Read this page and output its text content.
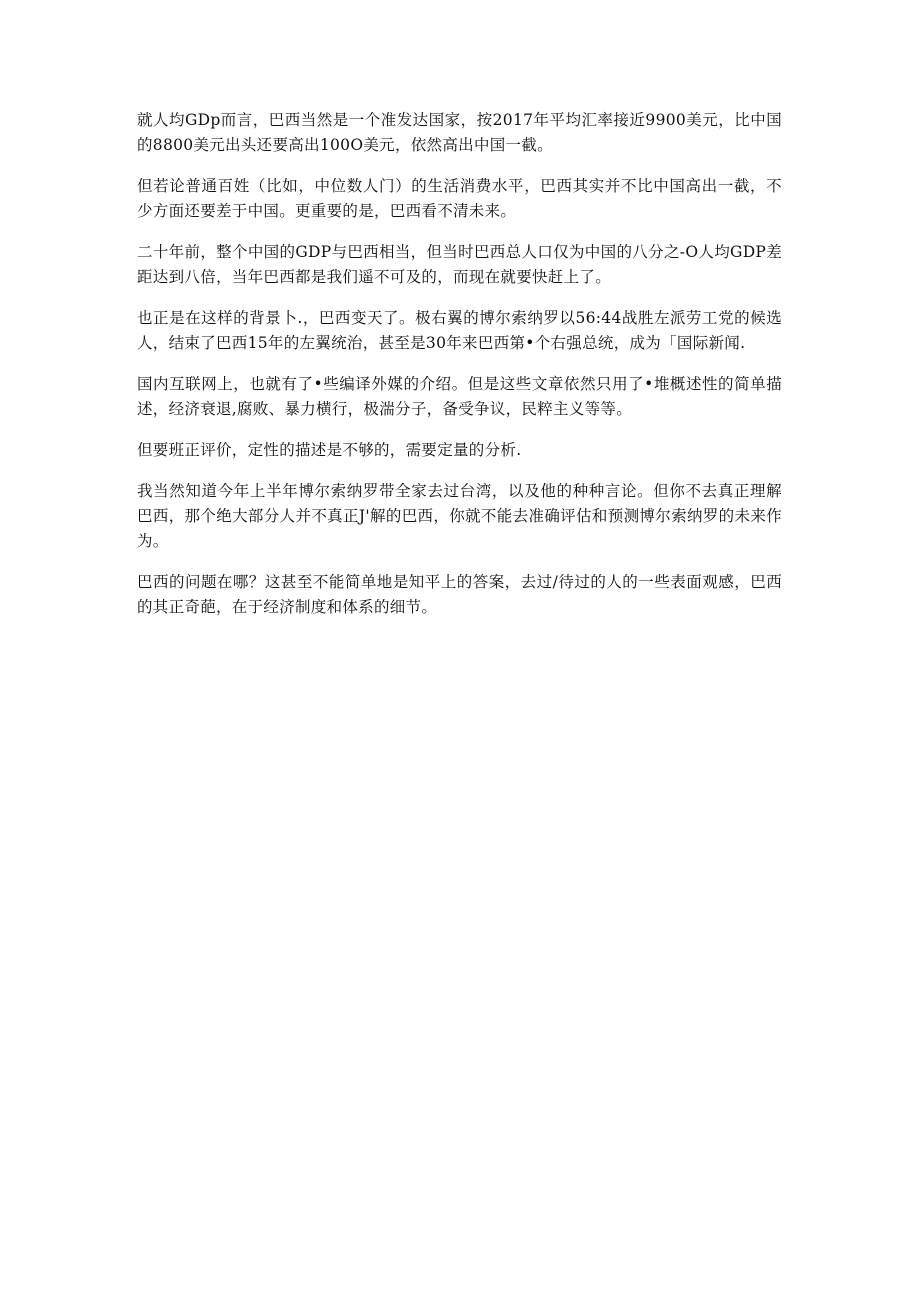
就人均GDp而言，巴西当然是一个准发达国家，按2017年平均汇率接近9900美元，比中国的8800美元出头还要高出100O美元，依然高出中国一截。

但若论普通百姓（比如，中位数人门）的生活消费水平，巴西其实并不比中国高出一截，不少方面还要差于中国。更重要的是，巴西看不清未来。

二十年前，整个中国的GDP与巴西相当，但当时巴西总人口仅为中国的八分之-O人均GDP差距达到八倍，当年巴西都是我们遥不可及的，而现在就要快赶上了。

也正是在这样的背景卜.，巴西变天了。极右翼的博尔索纳罗以56:44战胜左派劳工党的候选人，结束了巴西15年的左翼统治，甚至是30年来巴西第•个右强总统，成为「国际新闻.

国内互联网上，也就有了•些编译外媒的介绍。但是这些文章依然只用了•堆概述性的简单描述，经济衰退,腐败、暴力横行，极湍分子，备受争议，民粹主义等等。

但要班正评价，定性的描述是不够的，需要定量的分析.

我当然知道今年上半年博尔索纳罗带全家去过台湾，以及他的种种言论。但你不去真正理解巴西，那个绝大部分人并不真正J'解的巴西，你就不能去准确评估和预测博尔索纳罗的未来作为。

巴西的问题在哪？这甚至不能简单地是知平上的答案，去过/待过的人的一些表面观感，巴西的其正奇葩，在于经济制度和体系的细节。
